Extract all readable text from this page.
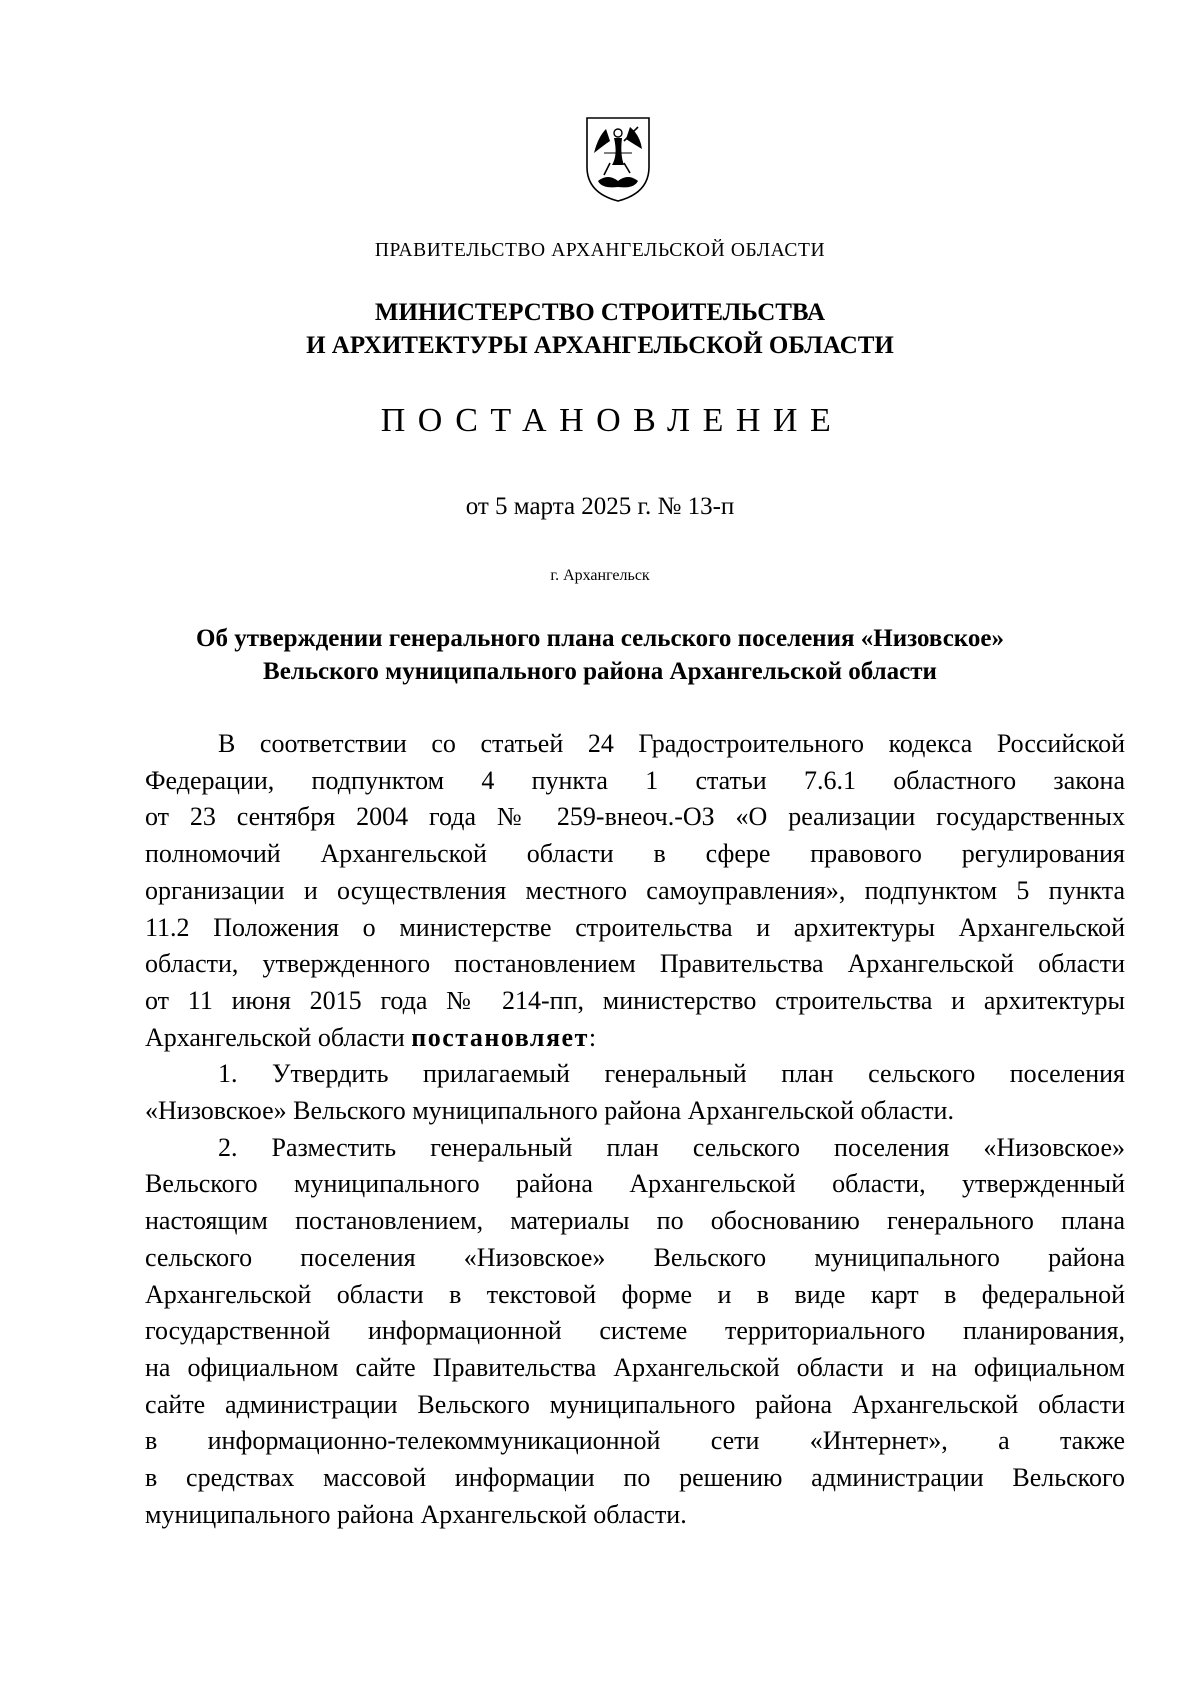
ПРАВИТЕЛЬСТВО АРХАНГЕЛЬСКОЙ ОБЛАСТИ
МИНИСТЕРСТВО СТРОИТЕЛЬСТВА
И АРХИТЕКТУРЫ АРХАНГЕЛЬСКОЙ ОБЛАСТИ
ПОСТАНОВЛЕНИЕ
от 5 марта 2025 г. № 13-п
г. Архангельск
Об утверждении генерального плана сельского поселения «Низовское»
Вельского муниципального района Архангельской области
В соответствии со статьей 24 Градостроительного кодекса Российской
Федерации, подпунктом 4 пункта 1 статьи 7.6.1 областного закона
от 23 сентября 2004 года № 259-внеоч.-ОЗ «О реализации государственных
полномочий Архангельской области в сфере правового регулирования
организации и осуществления местного самоуправления», подпунктом 5 пункта
11.2 Положения о министерстве строительства и архитектуры Архангельской
области, утвержденного постановлением Правительства Архангельской области
от 11 июня 2015 года № 214-пп, министерство строительства и архитектуры
Архангельской области постановляет:
1. Утвердить прилагаемый генеральный план сельского поселения
«Низовское» Вельского муниципального района Архангельской области.
2. Разместить генеральный план сельского поселения «Низовское»
Вельского муниципального района Архангельской области, утвержденный
настоящим постановлением, материалы по обоснованию генерального плана
сельского поселения «Низовское» Вельского муниципального района
Архангельской области в текстовой форме и в виде карт в федеральной
государственной информационной системе территориального планирования,
на официальном сайте Правительства Архангельской области и на официальном
сайте администрации Вельского муниципального района Архангельской области
в информационно-телекоммуникационной сети «Интернет», а также
в средствах массовой информации по решению администрации Вельского
муниципального района Архангельской области.
